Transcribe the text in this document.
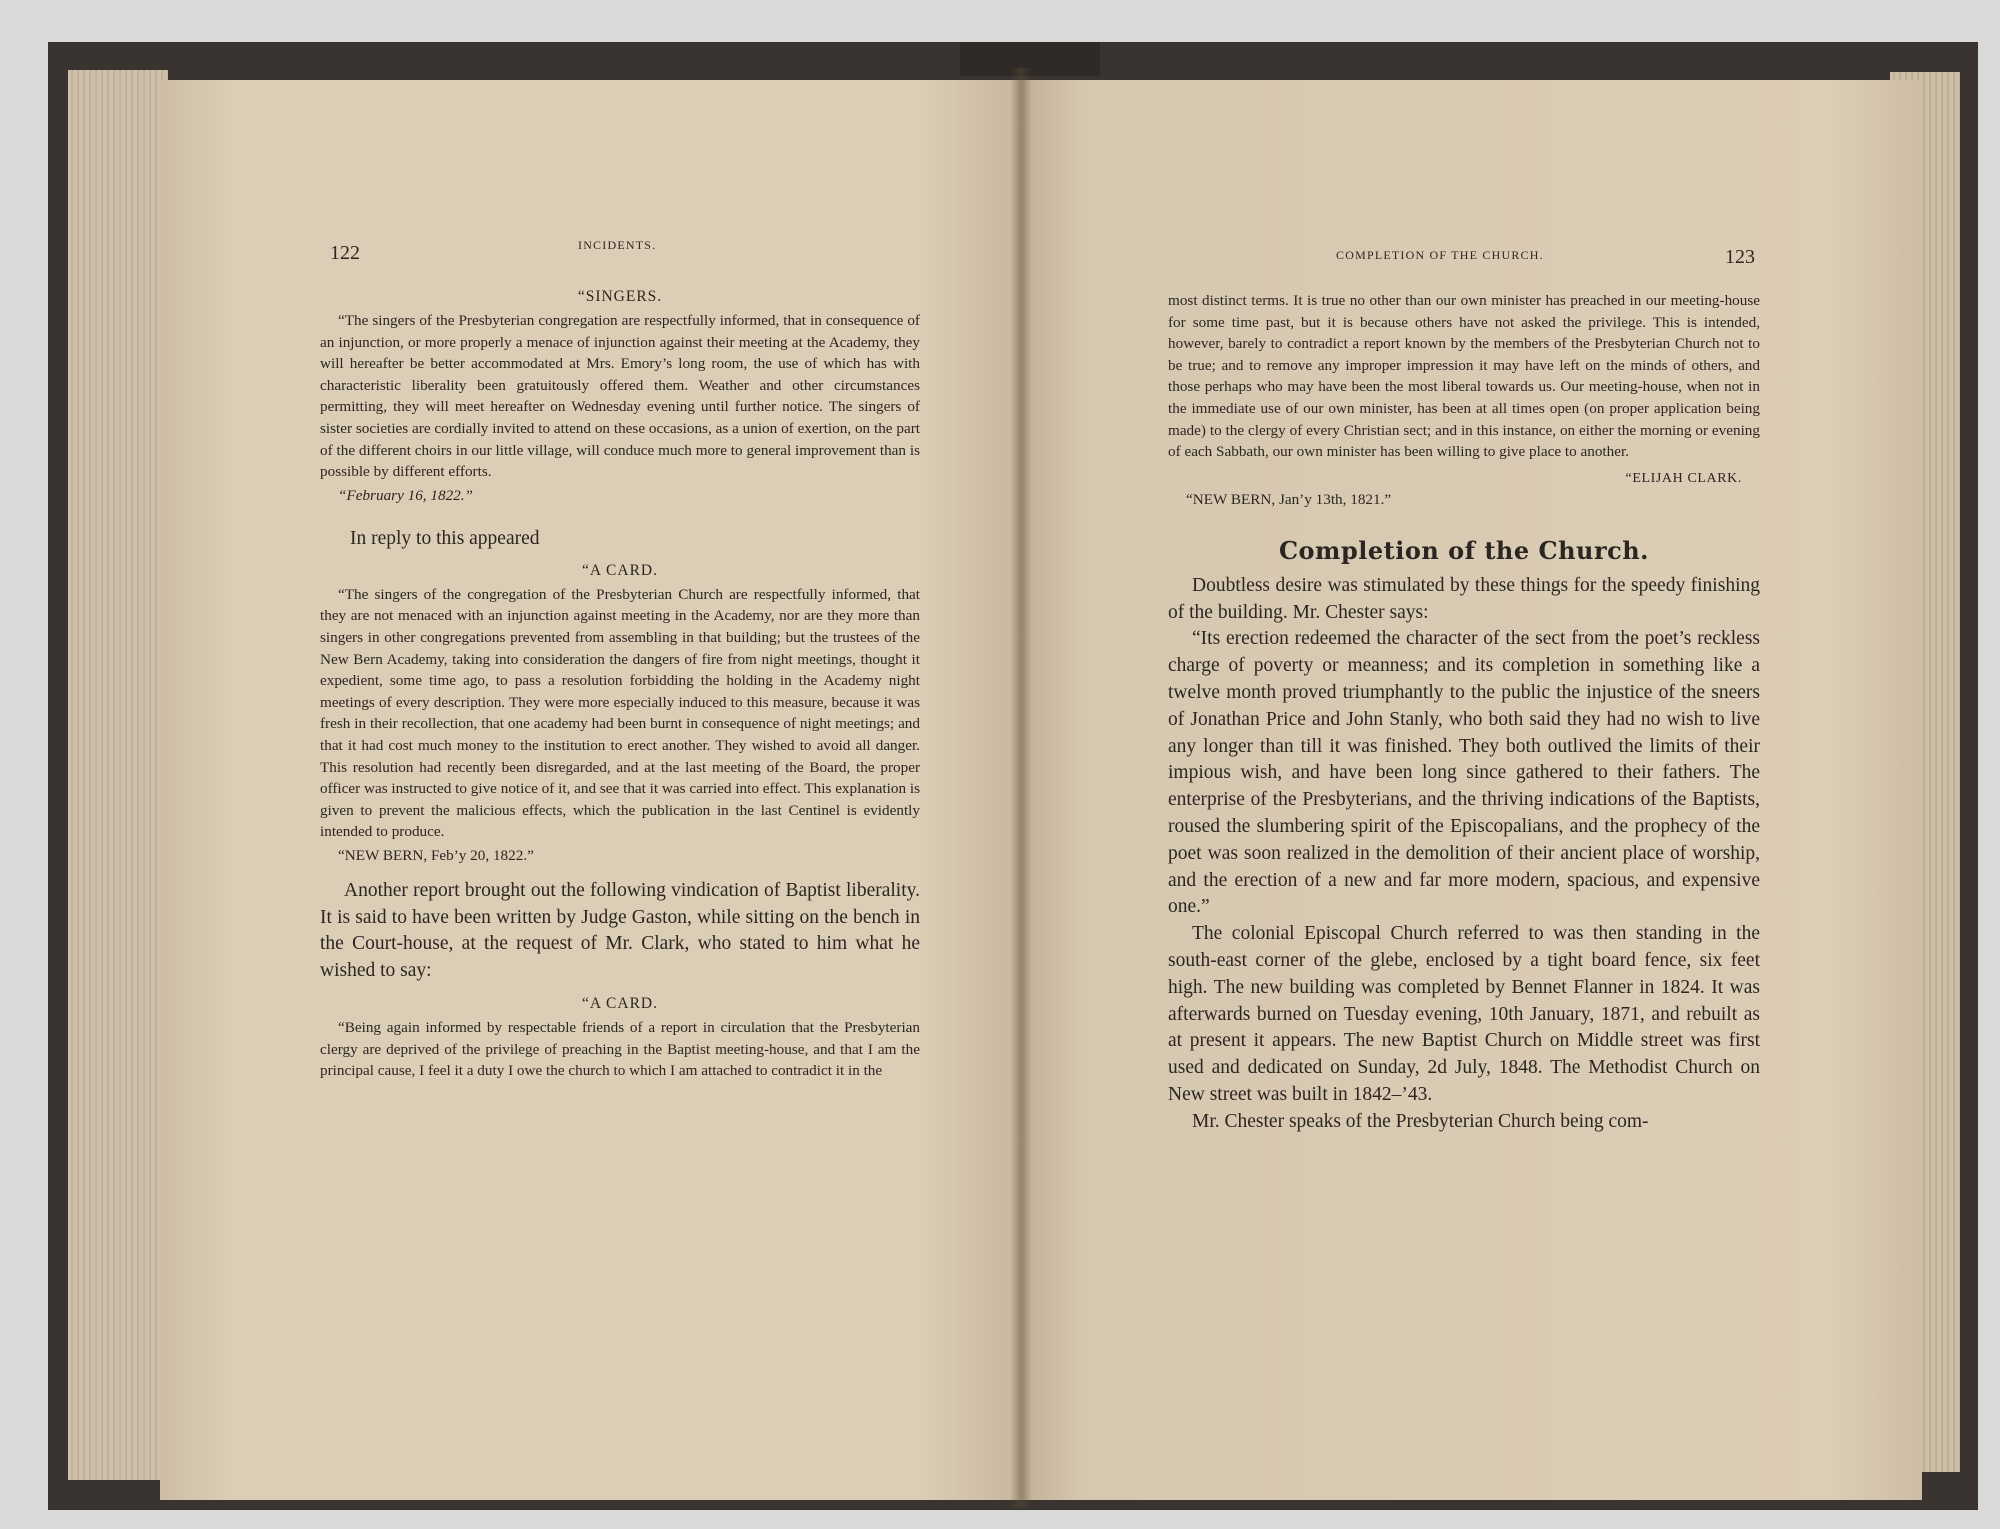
122	INCIDENTS.
“SINGERS.

“The singers of the Presbyterian congregation are respectfully informed, that in consequence of an injunction, or more properly a menace of injunction against their meeting at the Academy, they will hereafter be better accommodated at Mrs. Emory’s long room, the use of which has with characteristic liberality been gratuitously offered them. Weather and other circumstances permitting, they will meet hereafter on Wednesday evening until further notice. The singers of sister societies are cordially invited to attend on these occasions, as a union of exertion, on the part of the different choirs in our little village, will conduce much more to general improvement than is possible by different efforts.

“February 16, 1822.”
In reply to this appeared
“A CARD.

“The singers of the congregation of the Presbyterian Church are respectfully informed, that they are not menaced with an injunction against meeting in the Academy, nor are they more than singers in other congregations prevented from assembling in that building; but the trustees of the New Bern Academy, taking into consideration the dangers of fire from night meetings, thought it expedient, some time ago, to pass a resolution forbidding the holding in the Academy night meetings of every description. They were more especially induced to this measure, because it was fresh in their recollection, that one academy had been burnt in consequence of night meetings; and that it had cost much money to the institution to erect another. They wished to avoid all danger. This resolution had recently been disregarded, and at the last meeting of the Board, the proper officer was instructed to give notice of it, and see that it was carried into effect. This explanation is given to prevent the malicious effects, which the publication in the last Centinel is evidently intended to produce.

“NEW BERN, Feb’y 20, 1822.”

Another report brought out the following vindication of Baptist liberality. It is said to have been written by Judge Gaston, while sitting on the bench in the Court-house, at the request of Mr. Clark, who stated to him what he wished to say:

“A CARD.

“Being again informed by respectable friends of a report in circulation that the Presbyterian clergy are deprived of the privilege of preaching in the Baptist meeting-house, and that I am the principal cause, I feel it a duty I owe the church to which I am attached to contradict it in the

COMPLETION OF THE CHURCH.	123

most distinct terms. It is true no other than our own minister has preached in our meeting-house for some time past, but it is because others have not asked the privilege. This is intended, however, barely to contradict a report known by the members of the Presbyterian Church not to be true; and to remove any improper impression it may have left on the minds of others, and those perhaps who may have been the most liberal towards us. Our meeting-house, when not in the immediate use of our own minister, has been at all times open (on proper application being made) to the clergy of every Christian sect; and in this instance, on either the morning or evening of each Sabbath, our own minister has been willing to give place to another.

“ELIJAH CLARK.
“NEW BERN, Jan’y 13th, 1821.”
Completion of the Church.

Doubtless desire was stimulated by these things for the speedy finishing of the building. Mr. Chester says:

“Its erection redeemed the character of the sect from the poet’s reckless charge of poverty or meanness; and its completion in something like a twelve month proved triumphantly to the public the injustice of the sneers of Jonathan Price and John Stanly, who both said they had no wish to live any longer than till it was finished. They both outlived the limits of their impious wish, and have been long since gathered to their fathers. The enterprise of the Presbyterians, and the thriving indications of the Baptists, roused the slumbering spirit of the Episcopalians, and the prophecy of the poet was soon realized in the demolition of their ancient place of worship, and the erection of a new and far more modern, spacious, and expensive one.”

The colonial Episcopal Church referred to was then standing in the south-east corner of the glebe, enclosed by a tight board fence, six feet high. The new building was completed by Bennet Flanner in 1824. It was afterwards burned on Tuesday evening, 10th January, 1871, and rebuilt as at present it appears. The new Baptist Church on Middle street was first used and dedicated on Sunday, 2d July, 1848. The Methodist Church on New street was built in 1842–’43.

Mr. Chester speaks of the Presbyterian Church being com-
